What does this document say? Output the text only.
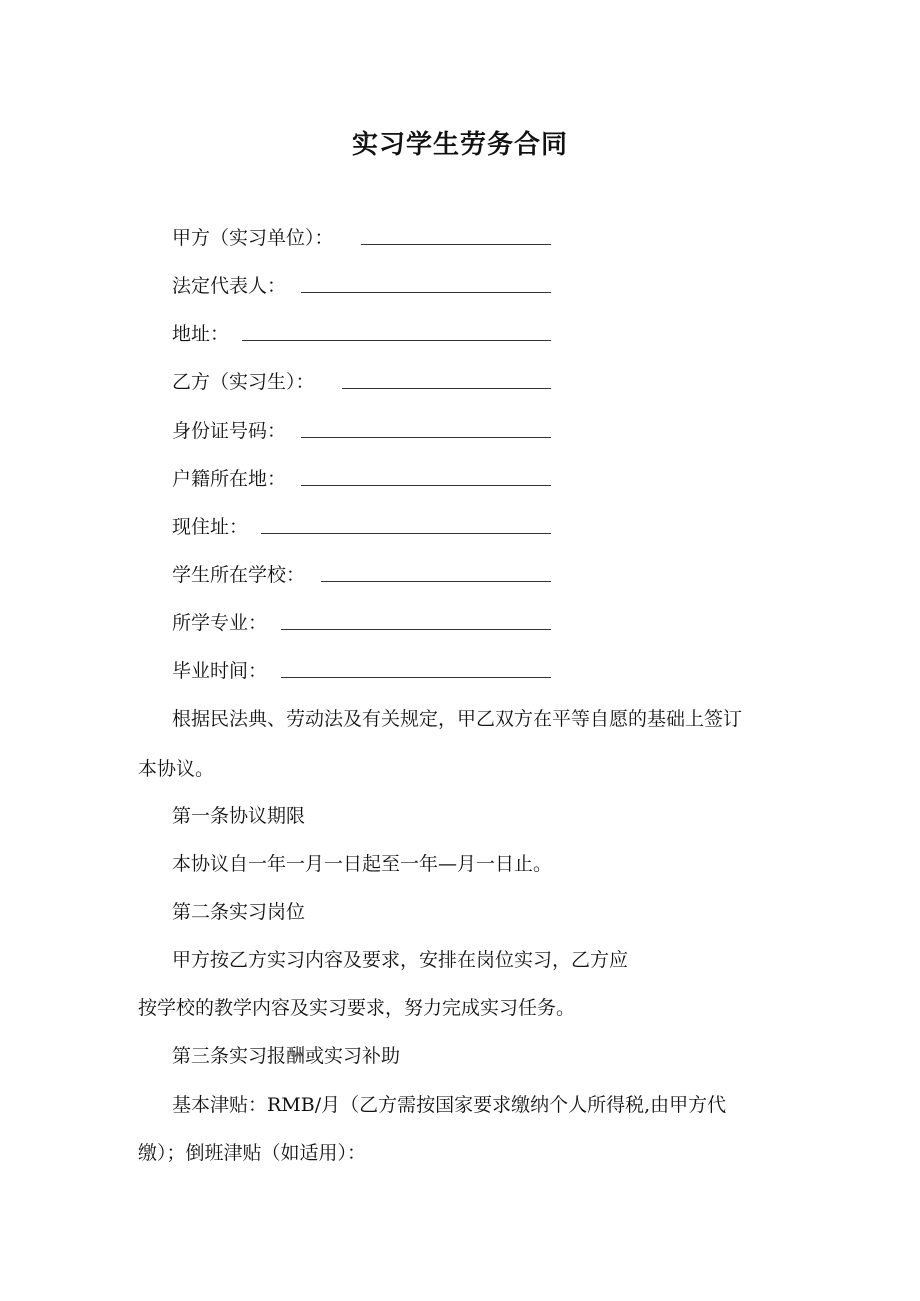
实习学生劳务合同
甲方（实习单位）：
法定代表人：
地址：
乙方（实习生）：
身份证号码：
户籍所在地：
现住址：
学生所在学校：
所学专业：
毕业时间：
根据民法典、劳动法及有关规定，甲乙双方在平等自愿的基础上签订
本协议。
第一条协议期限
本协议自一年一月一日起至一年—月一日止。
第二条实习岗位
甲方按乙方实习内容及要求，安排在岗位实习，乙方应
按学校的教学内容及实习要求，努力完成实习任务。
第三条实习报酬或实习补助
基本津贴：RMB/月（乙方需按国家要求缴纳个人所得税,由甲方代
缴）；倒班津贴（如适用）：
